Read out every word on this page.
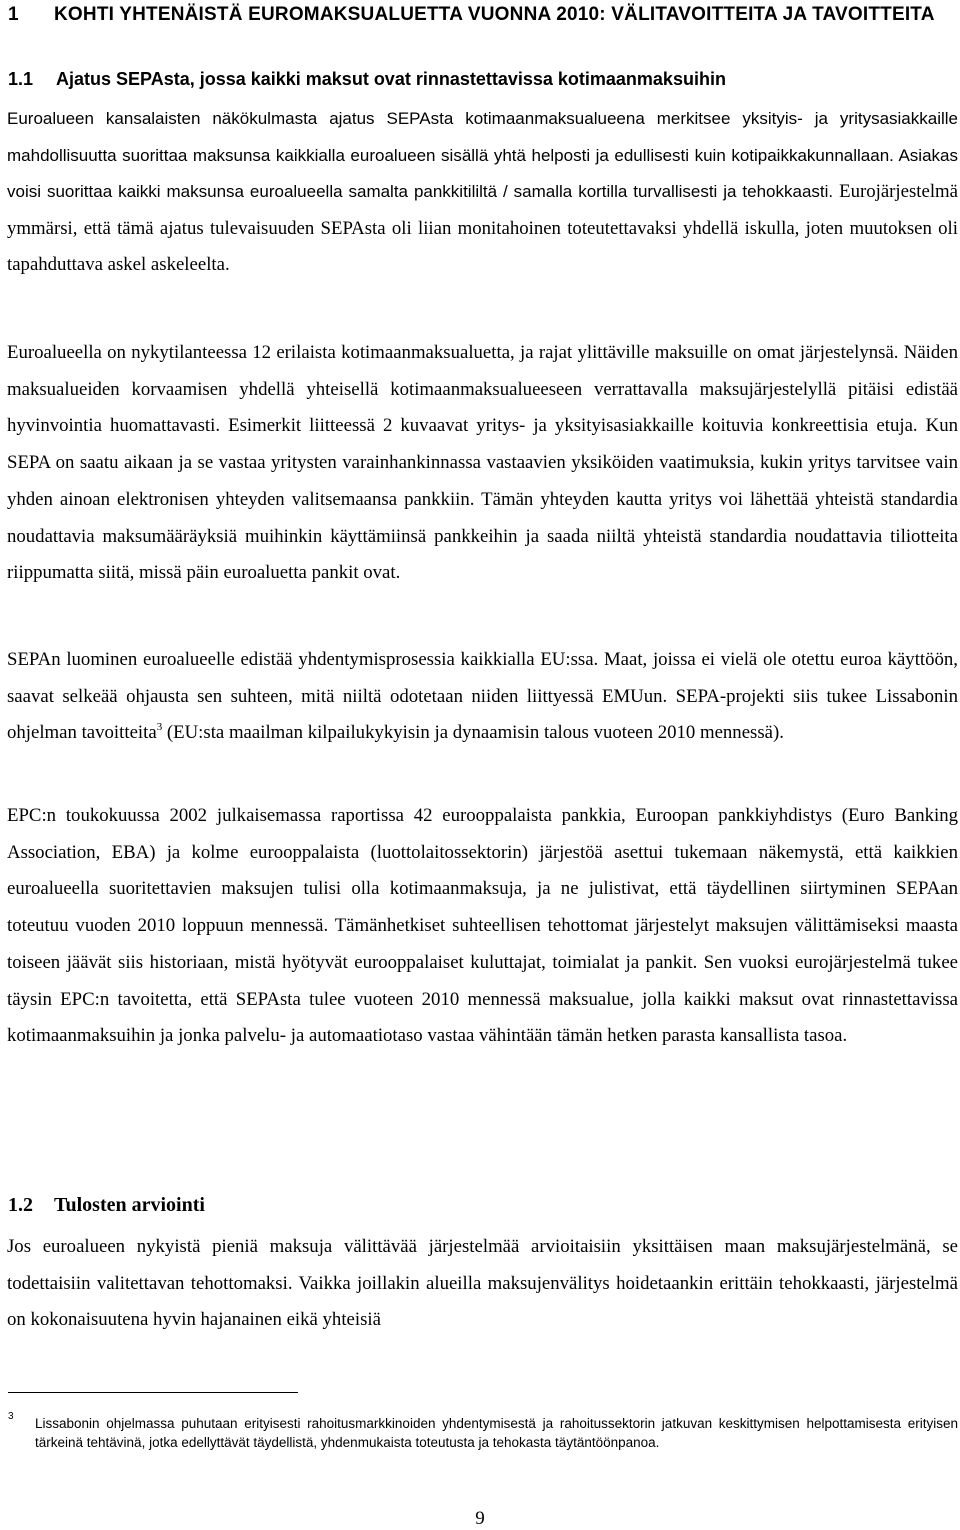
1	KOHTI YHTENÄISTÄ EUROMAKSUALUETTA VUONNA 2010: VÄLITAVOITTEITA JA TAVOITTEITA
1.1	Ajatus SEPAsta, jossa kaikki maksut ovat rinnastettavissa kotimaanmaksuihin

Euroalueen kansalaisten näkökulmasta ajatus SEPAsta kotimaanmaksualueena merkitsee yksityis- ja yritysasiakkaille mahdollisuutta suorittaa maksunsa kaikkialla euroalueen sisällä yhtä helposti ja edullisesti kuin kotipaikkakunnallaan. Asiakas voisi suorittaa kaikki maksunsa euroalueella samalta pankkitililtä / samalla kortilla turvallisesti ja tehokkaasti. Eurojärjestelmä ymmärsi, että tämä ajatus tulevaisuuden SEPAsta oli liian monitahoinen toteutettavaksi yhdellä iskulla, joten muutoksen oli tapahduttava askel askeleelta.

Euroalueella on nykytilanteessa 12 erilaista kotimaanmaksualuetta, ja rajat ylittäville maksuille on omat järjestelynsä. Näiden maksualueiden korvaamisen yhdellä yhteisellä kotimaanmaksualueeseen verrattavalla maksujärjestelyllä pitäisi edistää hyvinvointia huomattavasti. Esimerkit liitteessä 2 kuvaavat yritys- ja yksityisasiakkaille koituvia konkreettisia etuja. Kun SEPA on saatu aikaan ja se vastaa yritysten varainhankinnassa vastaavien yksiköiden vaatimuksia, kukin yritys tarvitsee vain yhden ainoan elektronisen yhteyden valitsemaansa pankkiin. Tämän yhteyden kautta yritys voi lähettää yhteistä standardia noudattavia maksumääräyksiä muihinkin käyttämiinsä pankkeihin ja saada niiltä yhteistä standardia noudattavia tiliotteita riippumatta siitä, missä päin euroaluetta pankit ovat.

SEPAn luominen euroalueelle edistää yhdentymisprosessia kaikkialla EU:ssa. Maat, joissa ei vielä ole otettu euroa käyttöön, saavat selkeää ohjausta sen suhteen, mitä niiltä odotetaan niiden liittyessä EMUun. SEPA-projekti siis tukee Lissabonin ohjelman tavoitteita$^3$ (EU:sta maailman kilpailukykyisin ja dynaamisin talous vuoteen 2010 mennessä).

EPC:n toukokuussa 2002 julkaisemassa raportissa 42 eurooppalaista pankkia, Euroopan pankkiyhdistys (Euro Banking Association, EBA) ja kolme eurooppalaista (luottolaitossektorin) järjestöä asettui tukemaan näkemystä, että kaikkien euroalueella suoritettavien maksujen tulisi olla kotimaanmaksuja, ja ne julistivat, että täydellinen siirtyminen SEPAan toteutuu vuoden 2010 loppuun mennessä. Tämänhetkiset suhteellisen tehottomat järjestelyt maksujen välittämiseksi maasta toiseen jäävät siis historiaan, mistä hyötyvät eurooppalaiset kuluttajat, toimialat ja pankit. Sen vuoksi eurojärjestelmä tukee täysin EPC:n tavoitetta, että SEPAsta tulee vuoteen 2010 mennessä maksualue, jolla kaikki maksut ovat rinnastettavissa kotimaanmaksuihin ja jonka palvelu- ja automaatiotaso vastaa vähintään tämän hetken parasta kansallista tasoa.

1.2	Tulosten arviointi

Jos euroalueen nykyistä pieniä maksuja välittävää järjestelmää arvioitaisiin yksittäisen maan maksujärjestelmänä, se todettaisiin valitettavan tehottomaksi. Vaikka joillakin alueilla maksujenvälitys hoidetaankin erittäin tehokkaasti, järjestelmä on kokonaisuutena hyvin hajanainen eikä yhteisiä

3	Lissabonin ohjelmassa puhutaan erityisesti rahoitusmarkkinoiden yhdentymisestä ja rahoitussektorin jatkuvan keskittymisen helpottamisesta erityisen tärkeinä tehtävinä, jotka edellyttävät täydellistä, yhdenmukaista toteutusta ja tehokasta täytäntöönpanoa.
9
